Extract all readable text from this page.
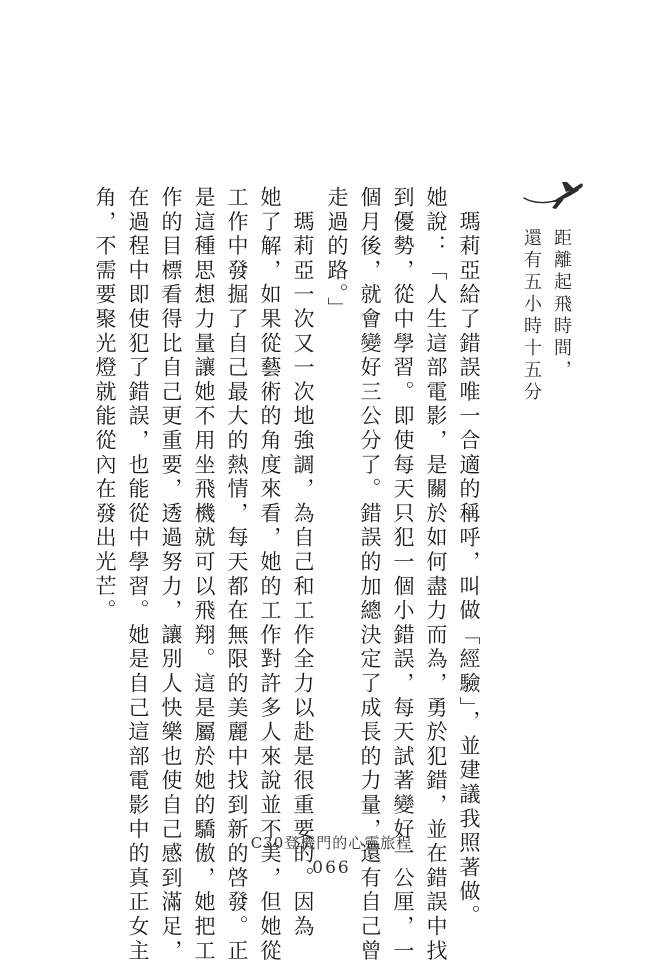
距離起飛時間，
還有五小時十五分
　瑪莉亞給了錯誤唯一合適的稱呼，叫做「經驗」，並建議我照著做。
她說：「人生這部電影，是關於如何盡力而為，勇於犯錯，並在錯誤中找
到優勢，從中學習。即使每天只犯一個小錯誤，每天試著變好一公厘，一
個月後，就會變好三公分了。錯誤的加總決定了成長的力量，還有自己曾
走過的路。」
　瑪莉亞一次又一次地強調，為自己和工作全力以赴是很重要的。因為
她了解，如果從藝術的角度來看，她的工作對許多人來說並不美，但她從
工作中發掘了自己最大的熱情，每天都在無限的美麗中找到新的啓發。正
是這種思想力量讓她不用坐飛機就可以飛翔。這是屬於她的驕傲，她把工
作的目標看得比自己更重要，透過努力，讓別人快樂也使自己感到滿足，
在過程中即使犯了錯誤，也能從中學習。她是自己這部電影中的真正女主
角，不需要聚光燈就能從內在發出光芒。
C30登機門的心靈旅程
066
